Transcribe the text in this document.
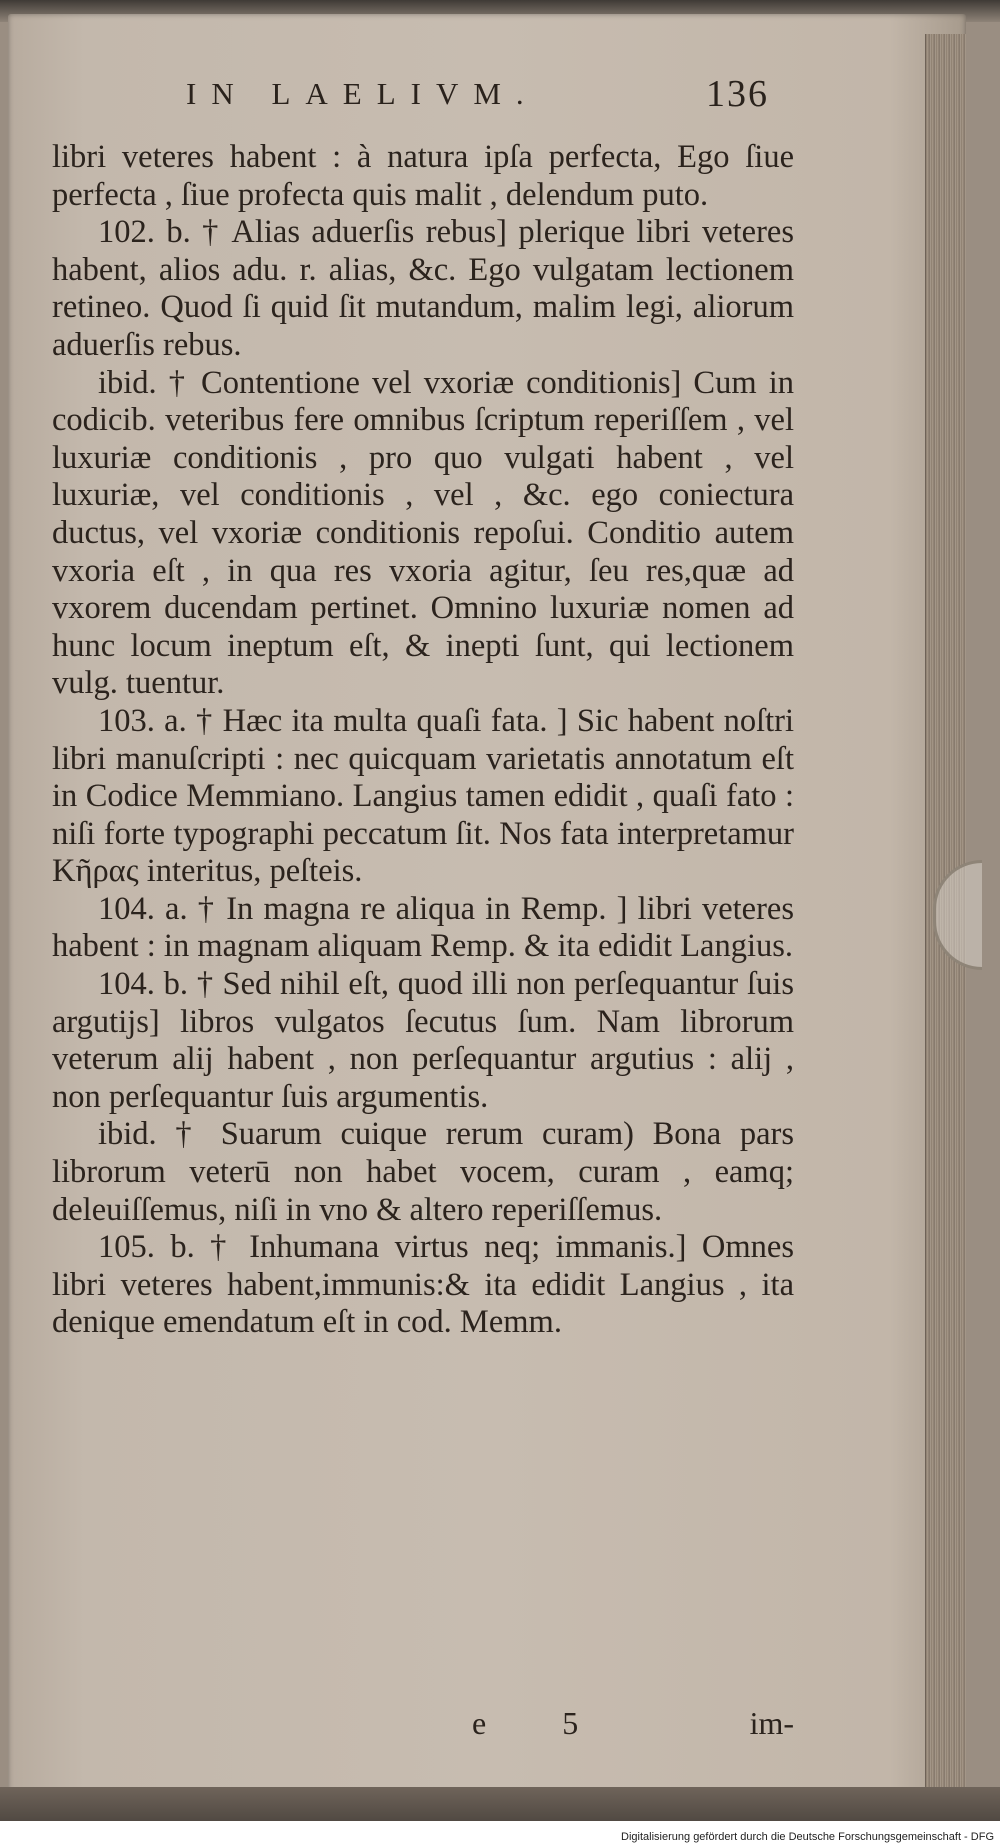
IN LAELIVM.	136

libri veteres habent : à natura ipſa perfecta, Ego ſiue perfecta , ſiue profecta quis malit , delendum puto.

102. b. † Alias aduerſis rebus] plerique libri veteres habent, alios adu. r. alias, &c. Ego vulgatam lectionem retineo. Quod ſi quid ſit mutandum, malim legi, aliorum aduerſis rebus.

ibid. † Contentione vel vxoriæ conditionis] Cum in codicib. veteribus fere omnibus ſcriptum reperiſſem , vel luxuriæ conditionis , pro quo vulgati habent , vel luxuriæ, vel conditionis , vel , &c. ego coniectura ductus, vel vxoriæ conditionis repoſui. Conditio autem vxoria eſt , in qua res vxoria agitur, ſeu res,quæ ad vxorem ducendam pertinet. Omnino luxuriæ nomen ad hunc locum ineptum eſt, & inepti ſunt, qui lectionem vulg. tuentur.

103. a. † Hæc ita multa quaſi fata. ] Sic habent noſtri libri manuſcripti : nec quicquam varietatis annotatum eſt in Codice Memmiano. Langius tamen edidit , quaſi fato : niſi forte typographi peccatum ſit. Nos fata interpretamur Κῆρας interitus, peſteis.

104. a. † In magna re aliqua in Remp. ] libri veteres habent : in magnam aliquam Remp. & ita edidit Langius.

104. b. † Sed nihil eſt, quod illi non perſequantur ſuis argutijs] libros vulgatos ſecutus ſum. Nam librorum veterum alij habent , non perſequantur argutius : alij , non perſequantur ſuis argumentis.

ibid. † Suarum cuique rerum curam) Bona pars librorum veterū non habet vocem, curam , eamq; deleuiſſemus, niſi in vno & altero reperiſſemus.

105. b. † Inhumana virtus neq; immanis.] Omnes libri veteres habent,immunis:& ita edidit Langius , ita denique emendatum eſt in cod. Memm.

e 5	im-
Digitalisierung gefördert durch die Deutsche Forschungsgemeinschaft - DFG
